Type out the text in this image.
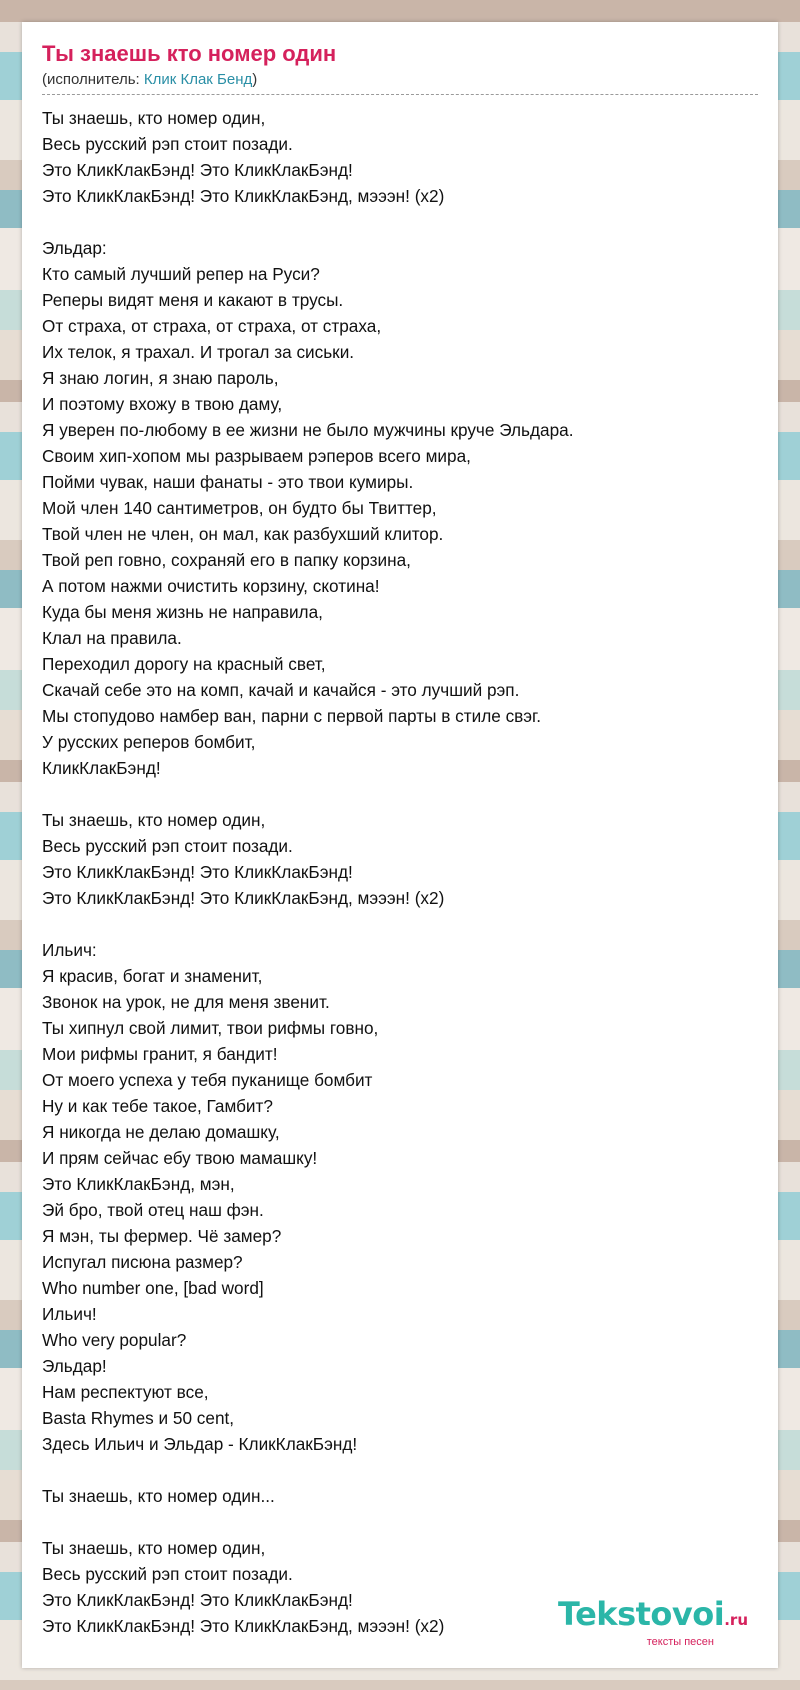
Ты знаешь кто номер один
(исполнитель: Клик Клак Бенд)
Ты знаешь, кто номер один,
Весь русский рэп стоит позади.
Это КликКлакБэнд! Это КликКлакБэнд!
Это КликКлакБэнд! Это КликКлакБэнд, мэээн! (x2)
Эльдар:
Кто самый лучший репер на Руси?
Реперы видят меня и какают в трусы.
От страха, от страха, от страха, от страха,
Их телок, я трахал. И трогал за сиськи.
Я знаю логин, я знаю пароль,
И поэтому вхожу в твою даму,
Я уверен по-любому в ее жизни не было мужчины круче Эльдара.
Своим хип-хопом мы разрываем рэперов всего мира,
Пойми чувак, наши фанаты - это твои кумиры.
Мой член 140 сантиметров, он будто бы Твиттер,
Твой член не член, он мал, как разбухший клитор.
Твой реп говно, сохраняй его в папку корзина,
А потом нажми очистить корзину, скотина!
Куда бы меня жизнь не направила,
Клал на правила.
Переходил дорогу на красный свет,
Скачай себе это на комп, качай и качайся - это лучший рэп.
Мы стопудово намбер ван, парни с первой парты в стиле свэг.
У русских реперов бомбит,
КликКлакБэнд!
Ты знаешь, кто номер один,
Весь русский рэп стоит позади.
Это КликКлакБэнд! Это КликКлакБэнд!
Это КликКлакБэнд! Это КликКлакБэнд, мэээн! (x2)
Ильич:
Я красив, богат и знаменит,
Звонок на урок, не для меня звенит.
Ты хипнул свой лимит, твои рифмы говно,
Мои рифмы гранит, я бандит!
От моего успеха у тебя пуканище бомбит
Ну и как тебе такое, Гамбит?
Я никогда не делаю домашку,
И прям сейчас ебу твою мамашку!
Это КликКлакБэнд, мэн,
Эй бро, твой отец наш фэн.
Я мэн, ты фермер. Чё замер?
Испугал писюна размер?
Who number one, [bad word]
Ильич!
Who very popular?
Эльдар!
Нам респектуют все,
Basta Rhymes и 50 cent,
Здесь Ильич и Эльдар - КликКлакБэнд!
Ты знаешь, кто номер один...
Ты знаешь, кто номер один,
Весь русский рэп стоит позади.
Это КликКлакБэнд! Это КликКлакБэнд!
Это КликКлакБэнд! Это КликКлакБэнд, мэээн! (x2)	Tekstovoi.ru
тексты песен
